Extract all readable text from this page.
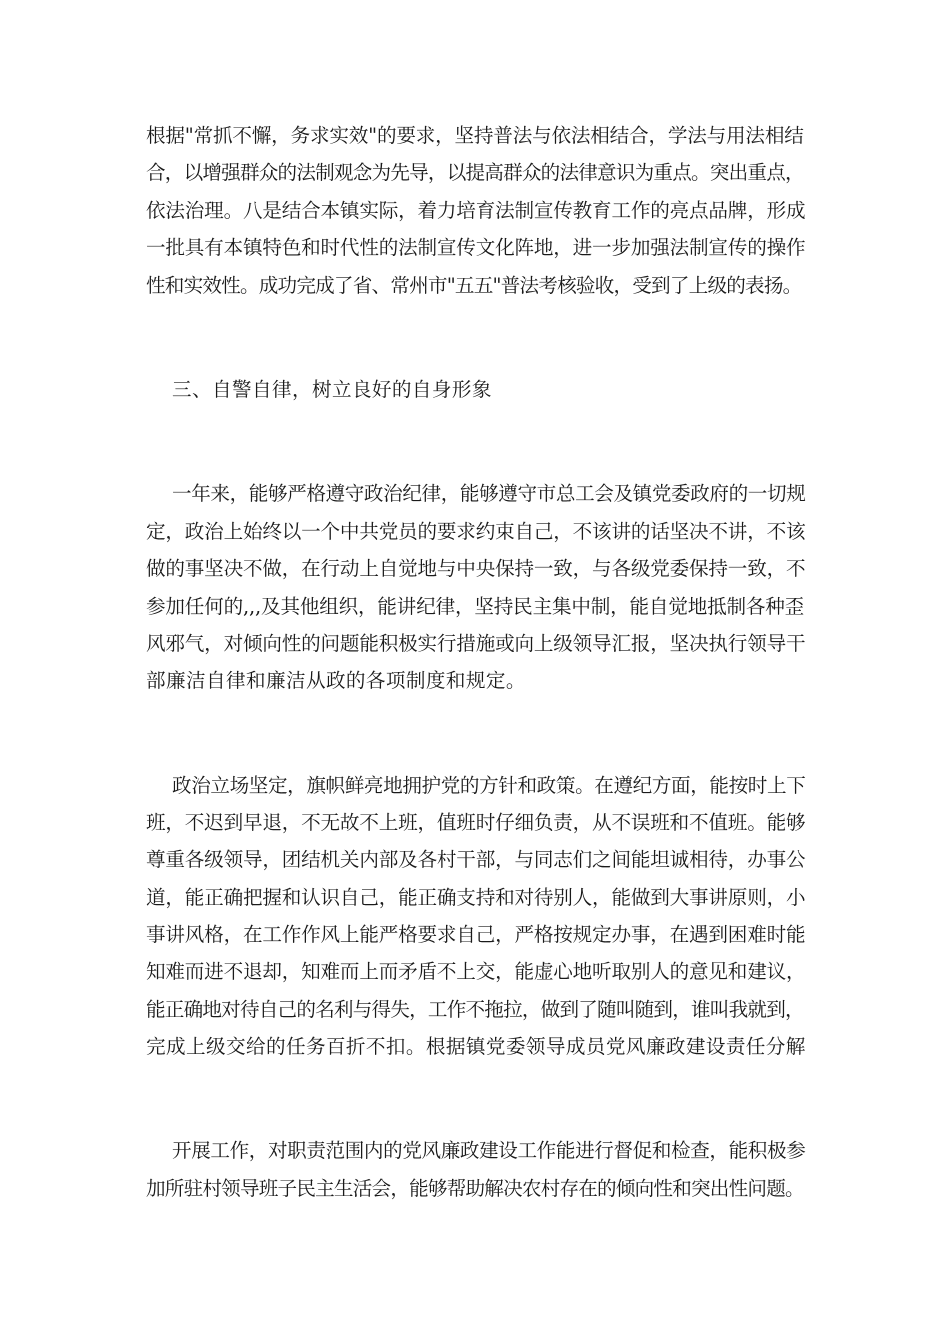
根据"常抓不懈，务求实效"的要求，坚持普法与依法相结合，学法与用法相结
合，以增强群众的法制观念为先导，以提高群众的法律意识为重点。突出重点，
依法治理。八是结合本镇实际，着力培育法制宣传教育工作的亮点品牌，形成
一批具有本镇特色和时代性的法制宣传文化阵地，进一步加强法制宣传的操作
性和实效性。成功完成了省、常州市"五五"普法考核验收，受到了上级的表扬。
三、自警自律，树立良好的自身形象
一年来，能够严格遵守政治纪律，能够遵守市总工会及镇党委政府的一切规
定，政治上始终以一个中共党员的要求约束自己，不该讲的话坚决不讲，不该
做的事坚决不做，在行动上自觉地与中央保持一致，与各级党委保持一致，不
参加任何的,,,及其他组织，能讲纪律，坚持民主集中制，能自觉地抵制各种歪
风邪气，对倾向性的问题能积极实行措施或向上级领导汇报，坚决执行领导干
部廉洁自律和廉洁从政的各项制度和规定。
政治立场坚定，旗帜鲜亮地拥护党的方针和政策。在遵纪方面，能按时上下
班，不迟到早退，不无故不上班，值班时仔细负责，从不误班和不值班。能够
尊重各级领导，团结机关内部及各村干部，与同志们之间能坦诚相待，办事公
道，能正确把握和认识自己，能正确支持和对待别人，能做到大事讲原则，小
事讲风格，在工作作风上能严格要求自己，严格按规定办事，在遇到困难时能
知难而进不退却，知难而上而矛盾不上交，能虚心地听取别人的意见和建议，
能正确地对待自己的名利与得失，工作不拖拉，做到了随叫随到，谁叫我就到，
完成上级交给的任务百折不扣。根据镇党委领导成员党风廉政建设责任分解
开展工作，对职责范围内的党风廉政建设工作能进行督促和检查，能积极参
加所驻村领导班子民主生活会，能够帮助解决农村存在的倾向性和突出性问题。
